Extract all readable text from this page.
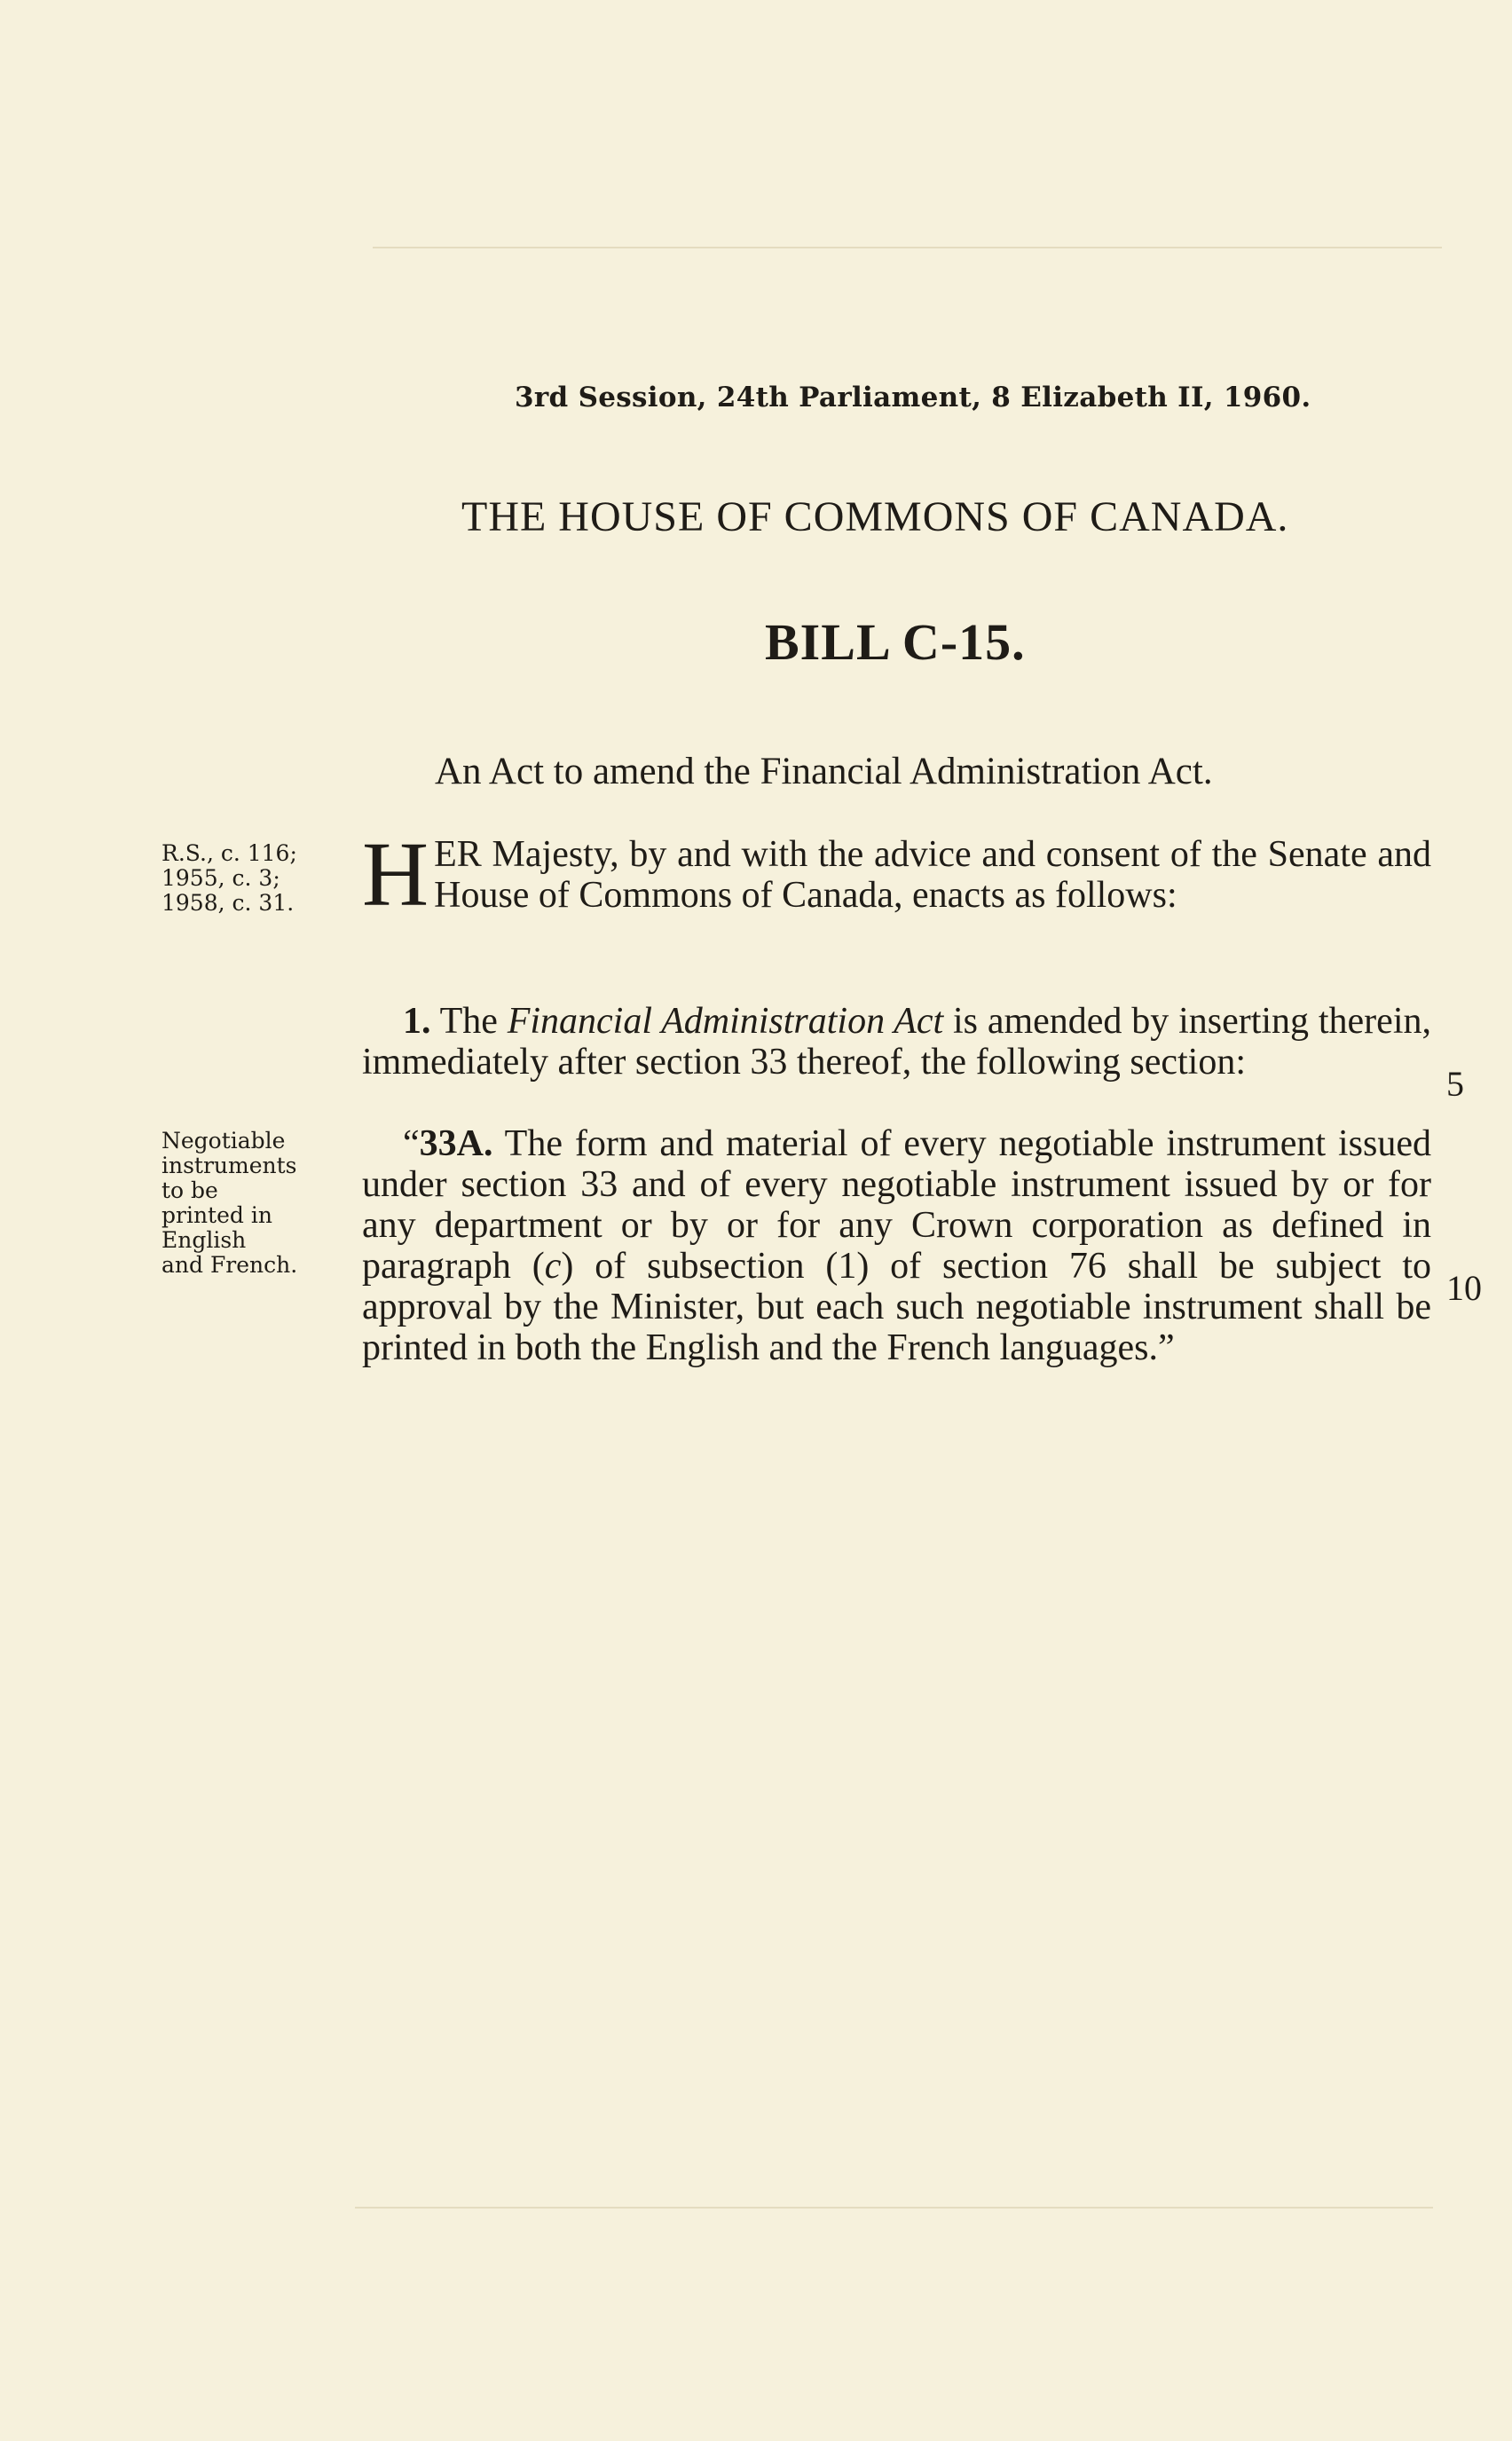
3rd Session, 24th Parliament, 8 Elizabeth II, 1960.
THE HOUSE OF COMMONS OF CANADA.
BILL C-15.
An Act to amend the Financial Administration Act.
R.S., c. 116;
1955, c. 3;
1958, c. 31. HER Majesty, by and with the advice and consent of the Senate and House of Commons of Canada, enacts as follows:
1. The Financial Administration Act is amended by inserting therein, immediately after section 33 thereof, the following section:
Negotiable
instruments
to be
printed in
English
and French.
“33A. The form and material of every negotiable instrument issued under section 33 and of every negotiable instrument issued by or for any department or by or for any Crown corporation as defined in paragraph (c) of subsection (1) of section 76 shall be subject to approval by the Minister, but each such negotiable instrument shall be printed in both the English and the French languages.”
5
10
